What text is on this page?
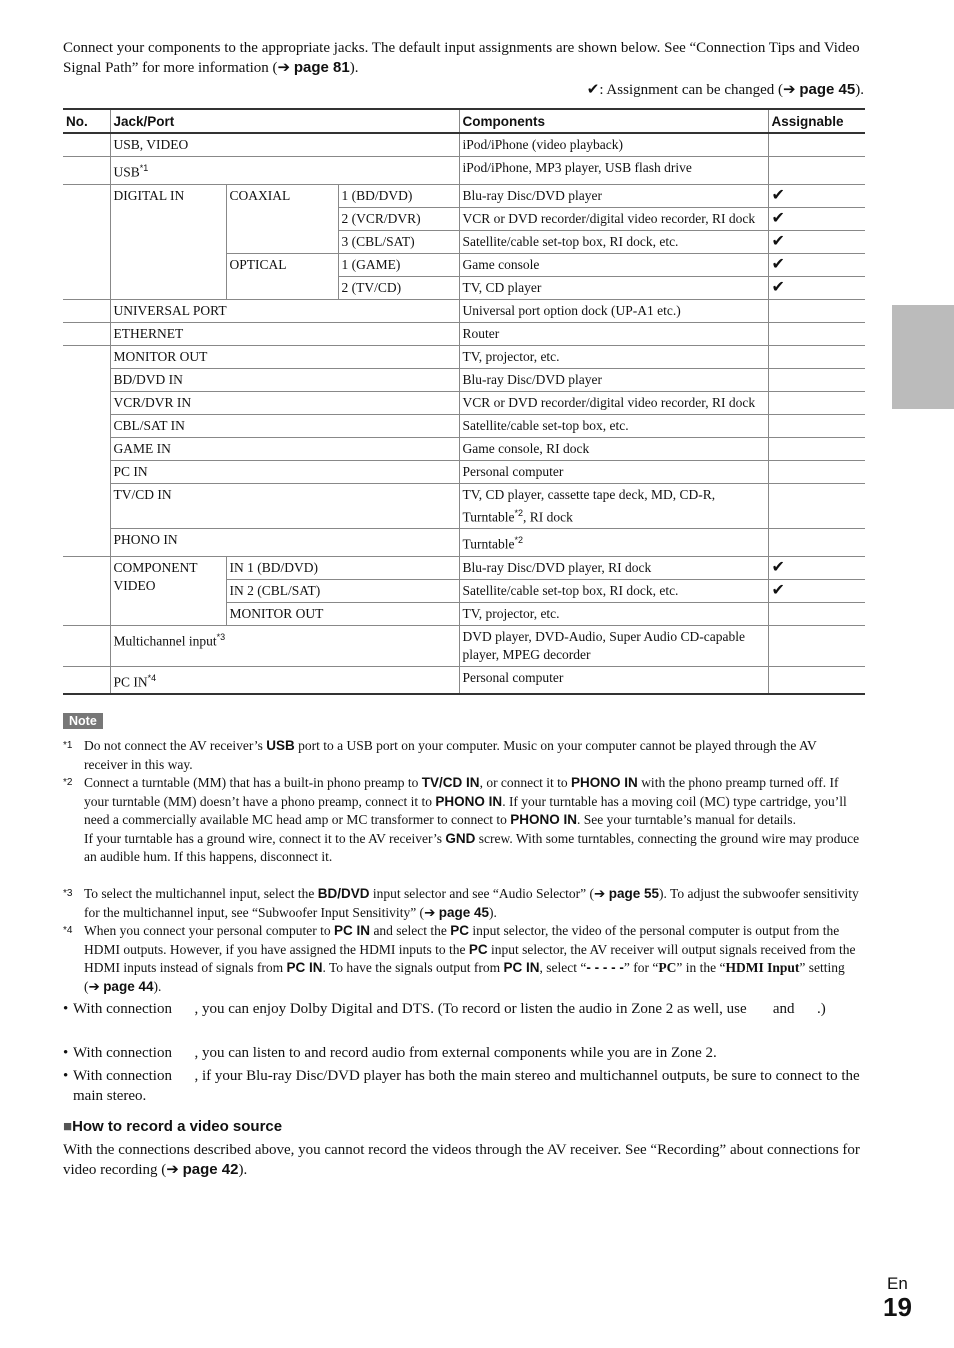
Connect your components to the appropriate jacks. The default input assignments are shown below. See “Connection Tips and Video Signal Path” for more information (➔ page 81).

✔: Assignment can be changed (➔ page 45).
No.	Jack/Port			Components	Assignable
	USB, VIDEO			iPod/iPhone (video playback)	
	USB$^{*1}$			iPod/iPhone, MP3 player, USB flash drive	
	DIGITAL IN	COAXIAL	1 (BD/DVD)	Blu-ray Disc/DVD player	✔
			2 (VCR/DVR)	VCR or DVD recorder/digital video recorder, RI dock	✔
			3 (CBL/SAT)	Satellite/cable set-top box, RI dock, etc.	✔
		OPTICAL	1 (GAME)	Game console	✔
			2 (TV/CD)	TV, CD player	✔
	UNIVERSAL PORT			Universal port option dock (UP-A1 etc.)	
	ETHERNET			Router	
	MONITOR OUT			TV, projector, etc.	
	BD/DVD IN			Blu-ray Disc/DVD player	
	VCR/DVR IN			VCR or DVD recorder/digital video recorder, RI dock	
	CBL/SAT IN			Satellite/cable set-top box, etc.	
	GAME IN			Game console, RI dock	
	PC IN			Personal computer	
	TV/CD IN			TV, CD player, cassette tape deck, MD, CD-R, Turntable$^{*2}$, RI dock	
	PHONO IN			Turntable$^{*2}$	
	COMPONENT VIDEO	IN 1 (BD/DVD)		Blu-ray Disc/DVD player, RI dock	✔
		IN 2 (CBL/SAT)		Satellite/cable set-top box, RI dock, etc.	✔
		MONITOR OUT		TV, projector, etc.	
	Multichannel input$^{*3}$			DVD player, DVD-Audio, Super Audio CD-capable player, MPEG decorder	
	PC IN$^{*4}$			Personal computer	
Note
*1 Do not connect the AV receiver’s USB port to a USB port on your computer. Music on your computer cannot be played through the AV receiver in this way.
*2 Connect a turntable (MM) that has a built-in phono preamp to TV/CD IN, or connect it to PHONO IN with the phono preamp turned off. If your turntable (MM) doesn’t have a phono preamp, connect it to PHONO IN. If your turntable has a moving coil (MC) type cartridge, you’ll need a commercially available MC head amp or MC transformer to connect to PHONO IN. See your turntable’s manual for details.
If your turntable has a ground wire, connect it to the AV receiver’s GND screw. With some turntables, connecting the ground wire may produce an audible hum. If this happens, disconnect it.
*3 To select the multichannel input, select the BD/DVD input selector and see “Audio Selector” (➔ page 55). To adjust the subwoofer sensitivity for the multichannel input, see “Subwoofer Input Sensitivity” (➔ page 45).
*4 When you connect your personal computer to PC IN and select the PC input selector, the video of the personal computer is output from the HDMI outputs. However, if you have assigned the HDMI inputs to the PC input selector, the AV receiver will output signals received from the HDMI inputs instead of signals from PC IN. To have the signals output from PC IN, select “- - - - -” for “PC” in the “HDMI Input” setting (➔ page 44).
• With connection      , you can enjoy Dolby Digital and DTS. (To record or listen the audio in Zone 2 as well, use       and      .)
• With connection      , you can listen to and record audio from external components while you are in Zone 2.
• With connection      , if your Blu-ray Disc/DVD player has both the main stereo and multichannel outputs, be sure to connect to the main stereo.
■How to record a video source

With the connections described above, you cannot record the videos through the AV receiver. See “Recording” about connections for video recording (➔ page 42).

En
19
